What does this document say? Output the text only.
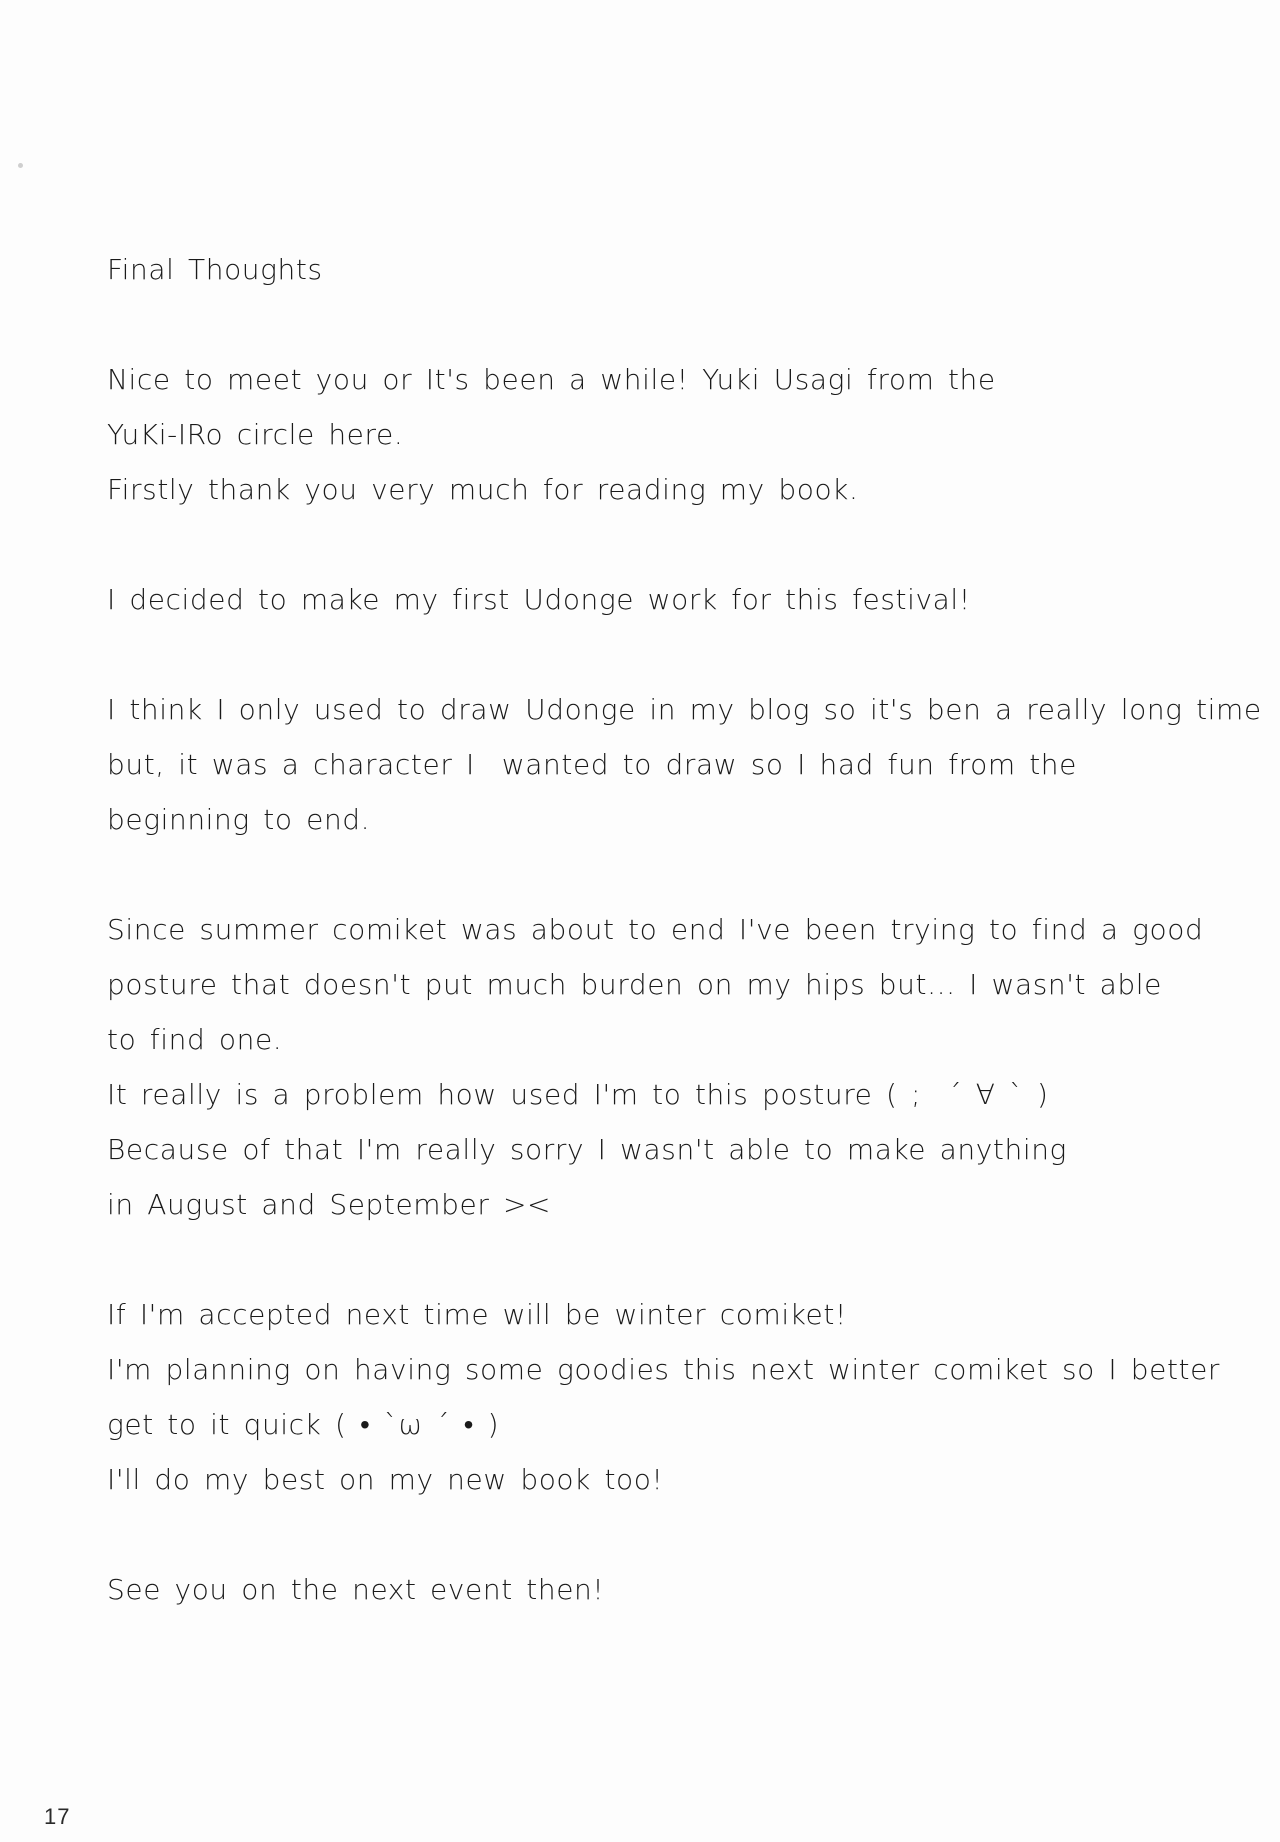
Final Thoughts
Nice to meet you or It's been a while! Yuki Usagi from the
YuKi-IRo circle here.
Firstly thank you very much for reading my book.
I decided to make my first Udonge work for this festival!
I think I only used to draw Udonge in my blog so it's ben a really long time
but, it was a character I  wanted to draw so I had fun from the
beginning to end.
Since summer comiket was about to end I've been trying to find a good
posture that doesn't put much burden on my hips but... I wasn't able
to find one.
It really is a problem how used I'm to this posture ( ;  ´ ∀ ` )
Because of that I'm really sorry I wasn't able to make anything
in August and September ><
If I'm accepted next time will be winter comiket!
I'm planning on having some goodies this next winter comiket so I better
get to it quick ( • `ω ´ • )
I'll do my best on my new book too!
See you on the next event then!
17
